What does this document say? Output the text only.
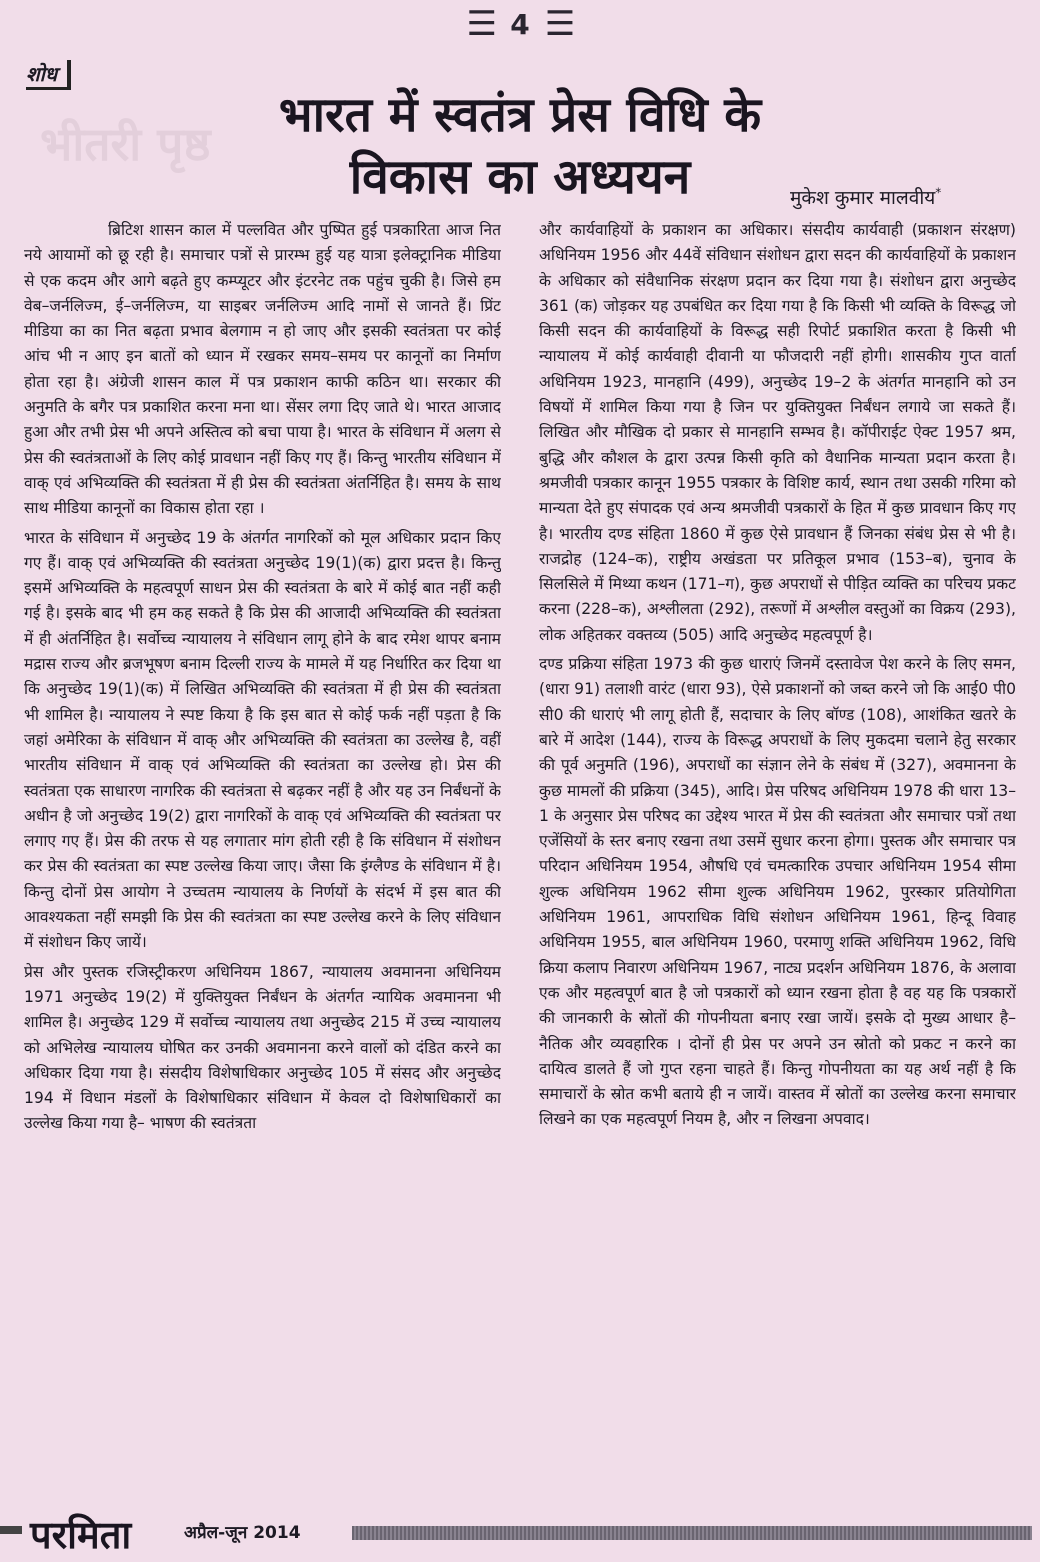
☰ 4 ☰
शोध
भीतरी पृष्ठ
भारत में स्वतंत्र प्रेस विधि के
विकास का अध्ययन	मुकेश कुमार मालवीय*

ब्रिटिश शासन काल में पल्लवित और पुष्पित हुई पत्रकारिता आज नित नये आयामों को छू रही है। समाचार पत्रों से प्रारम्भ हुई यह यात्रा इलेक्ट्रानिक मीडिया से एक कदम और आगे बढ़ते हुए कम्प्यूटर और इंटरनेट तक पहुंच चुकी है। जिसे हम वेब–जर्नलिज्म, ई–जर्नलिज्म, या साइबर जर्नलिज्म आदि नामों से जानते हैं। प्रिंट मीडिया का का नित बढ़ता प्रभाव बेलगाम न हो जाए और इसकी स्वतंत्रता पर कोई आंच भी न आए इन बातों को ध्यान में रखकर समय–समय पर कानूनों का निर्माण होता रहा है। अंग्रेजी शासन काल में पत्र प्रकाशन काफी कठिन था। सरकार की अनुमति के बगैर पत्र प्रकाशित करना मना था। सेंसर लगा दिए जाते थे। भारत आजाद हुआ और तभी प्रेस भी अपने अस्तित्व को बचा पाया है। भारत के संविधान में अलग से प्रेस की स्वतंत्रताओं के लिए कोई प्रावधान नहीं किए गए हैं। किन्तु भारतीय संविधान में वाक् एवं अभिव्यक्ति की स्वतंत्रता में ही प्रेस की स्वतंत्रता अंतर्निहित है। समय के साथ साथ मीडिया कानूनों का विकास होता रहा ।

भारत के संविधान में अनुच्छेद 19 के अंतर्गत नागरिकों को मूल अधिकार प्रदान किए गए हैं। वाक् एवं अभिव्यक्ति की स्वतंत्रता अनुच्छेद 19(1)(क) द्वारा प्रदत्त है। किन्तु इसमें अभिव्यक्ति के महत्वपूर्ण साधन प्रेस की स्वतंत्रता के बारे में कोई बात नहीं कही गई है। इसके बाद भी हम कह सकते है कि प्रेस की आजादी अभिव्यक्ति की स्वतंत्रता में ही अंतर्निहित है। सर्वोच्च न्यायालय ने संविधान लागू होने के बाद रमेश थापर बनाम मद्रास राज्य और ब्रजभूषण बनाम दिल्ली राज्य के मामले में यह निर्धारित कर दिया था कि अनुच्छेद 19(1)(क) में लिखित अभिव्यक्ति की स्वतंत्रता में ही प्रेस की स्वतंत्रता भी शामिल है। न्यायालय ने स्पष्ट किया है कि इस बात से कोई फर्क नहीं पड़ता है कि जहां अमेरिका के संविधान में वाक् और अभिव्यक्ति की स्वतंत्रता का उल्लेख है, वहीं भारतीय संविधान में वाक् एवं अभिव्यक्ति की स्वतंत्रता का उल्लेख हो। प्रेस की स्वतंत्रता एक साधारण नागरिक की स्वतंत्रता से बढ़कर नहीं है और यह उन निर्बंधनों के अधीन है जो अनुच्छेद 19(2) द्वारा नागरिकों के वाक् एवं अभिव्यक्ति की स्वतंत्रता पर लगाए गए हैं। प्रेस की तरफ से यह लगातार मांग होती रही है कि संविधान में संशोधन कर प्रेस की स्वतंत्रता का स्पष्ट उल्लेख किया जाए। जैसा कि इंग्लैण्ड के संविधान में है। किन्तु दोनों प्रेस आयोग ने उच्चतम न्यायालय के निर्णयों के संदर्भ में इस बात की आवश्यकता नहीं समझी कि प्रेस की स्वतंत्रता का स्पष्ट उल्लेख करने के लिए संविधान में संशोधन किए जायें।

प्रेस और पुस्तक रजिस्ट्रीकरण अधिनियम 1867, न्यायालय अवमानना अधिनियम 1971 अनुच्छेद 19(2) में युक्तियुक्त निर्बंधन के अंतर्गत न्यायिक अवमानना भी शामिल है। अनुच्छेद 129 में सर्वोच्च न्यायालय तथा अनुच्छेद 215 में उच्च न्यायालय को अभिलेख न्यायालय घोषित कर उनकी अवमानना करने वालों को दंडित करने का अधिकार दिया गया है। संसदीय विशेषाधिकार अनुच्छेद 105 में संसद और अनुच्छेद 194 में विधान मंडलों के विशेषाधिकार संविधान में केवल दो विशेषाधिकारों का उल्लेख किया गया है– भाषण की स्वतंत्रता

और कार्यवाहियों के प्रकाशन का अधिकार। संसदीय कार्यवाही (प्रकाशन संरक्षण) अधिनियम 1956 और 44वें संविधान संशोधन द्वारा सदन की कार्यवाहियों के प्रकाशन के अधिकार को संवैधानिक संरक्षण प्रदान कर दिया गया है। संशोधन द्वारा अनुच्छेद 361 (क) जोड़कर यह उपबंधित कर दिया गया है कि किसी भी व्यक्ति के विरूद्ध जो किसी सदन की कार्यवाहियों के विरूद्ध सही रिपोर्ट प्रकाशित करता है किसी भी न्यायालय में कोई कार्यवाही दीवानी या फौजदारी नहीं होगी। शासकीय गुप्त वार्ता अधिनियम 1923, मानहानि (499), अनुच्छेद 19–2 के अंतर्गत मानहानि को उन विषयों में शामिल किया गया है जिन पर युक्तियुक्त निर्बंधन लगाये जा सकते हैं। लिखित और मौखिक दो प्रकार से मानहानि सम्भव है। कॉपीराईट ऐक्ट 1957 श्रम, बुद्धि और कौशल के द्वारा उत्पन्न किसी कृति को वैधानिक मान्यता प्रदान करता है। श्रमजीवी पत्रकार कानून 1955 पत्रकार के विशिष्ट कार्य, स्थान तथा उसकी गरिमा को मान्यता देते हुए संपादक एवं अन्य श्रमजीवी पत्रकारों के हित में कुछ प्रावधान किए गए है। भारतीय दण्ड संहिता 1860 में कुछ ऐसे प्रावधान हैं जिनका संबंध प्रेस से भी है। राजद्रोह (124–क), राष्ट्रीय अखंडता पर प्रतिकूल प्रभाव (153–ब), चुनाव के सिलसिले में मिथ्या कथन (171–ग), कुछ अपराधों से पीड़ित व्यक्ति का परिचय प्रकट करना (228–क), अश्लीलता (292), तरूणों में अश्लील वस्तुओं का विक्रय (293), लोक अहितकर वक्तव्य (505) आदि अनुच्छेद महत्वपूर्ण है।

दण्ड प्रक्रिया संहिता 1973 की कुछ धाराएं जिनमें दस्तावेज पेश करने के लिए समन, (धारा 91) तलाशी वारंट (धारा 93), ऐसे प्रकाशनों को जब्त करने जो कि आई0 पी0 सी0 की धाराएं भी लागू होती हैं, सदाचार के लिए बॉण्ड (108), आशंकित खतरे के बारे में आदेश (144), राज्य के विरूद्ध अपराधों के लिए मुकदमा चलाने हेतु सरकार की पूर्व अनुमति (196), अपराधों का संज्ञान लेने के संबंध में (327), अवमानना के कुछ मामलों की प्रक्रिया (345), आदि। प्रेस परिषद अधिनियम 1978 की धारा 13–1 के अनुसार प्रेस परिषद का उद्देश्य भारत में प्रेस की स्वतंत्रता और समाचार पत्रों तथा एजेंसियों के स्तर बनाए रखना तथा उसमें सुधार करना होगा। पुस्तक और समाचार पत्र परिदान अधिनियम 1954, औषधि एवं चमत्कारिक उपचार अधिनियम 1954 सीमा शुल्क अधिनियम 1962 सीमा शुल्क अधिनियम 1962, पुरस्कार प्रतियोगिता अधिनियम 1961, आपराधिक विधि संशोधन अधिनियम 1961, हिन्दू विवाह अधिनियम 1955, बाल अधिनियम 1960, परमाणु शक्ति अधिनियम 1962, विधि क्रिया कलाप निवारण अधिनियम 1967, नाट्य प्रदर्शन अधिनियम 1876, के अलावा एक और महत्वपूर्ण बात है जो पत्रकारों को ध्यान रखना होता है वह यह कि पत्रकारों की जानकारी के स्रोतों की गोपनीयता बनाए रखा जायें। इसके दो मुख्य आधार है– नैतिक और व्यवहारिक । दोनों ही प्रेस पर अपने उन स्रोतो को प्रकट न करने का दायित्व डालते हैं जो गुप्त रहना चाहते हैं। किन्तु गोपनीयता का यह अर्थ नहीं है कि समाचारों के स्रोत कभी बताये ही न जायें। वास्तव में स्रोतों का उल्लेख करना समाचार लिखने का एक महत्वपूर्ण नियम है, और न लिखना अपवाद।

परमिता	अप्रैल-जून 2014
